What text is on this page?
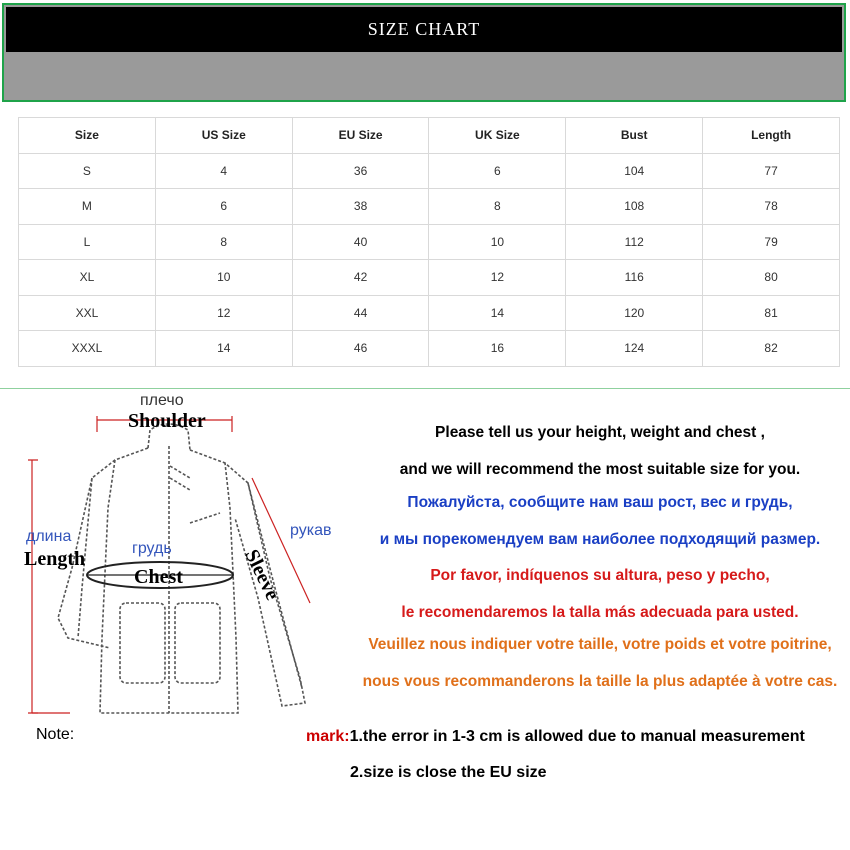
SIZE CHART
Size	US Size	EU Size	UK Size	Bust	Length
S	4	36	6	104	77
M	6	38	8	108	78
L	8	40	10	112	79
XL	10	42	12	116	80
XXL	12	44	14	120	81
XXXL	14	46	16	124	82
плечо
Shoulder
длина
Length	грудь
Chest	Sleeve
рукав
Note:
Please tell us your height, weight and chest ,
and we will recommend the most suitable size for you.
Пожалуйста, сообщите нам ваш рост, вес и грудь,
и мы порекомендуем вам наиболее подходящий размер.
Por favor, indíquenos su altura, peso y pecho,
le recomendaremos la talla más adecuada para usted.
Veuillez nous indiquer votre taille, votre poids et votre poitrine,
nous vous recommanderons la taille la plus adaptée à votre cas.
mark:1.the error in 1-3 cm is allowed due to manual measurement
2.size is close the EU size
